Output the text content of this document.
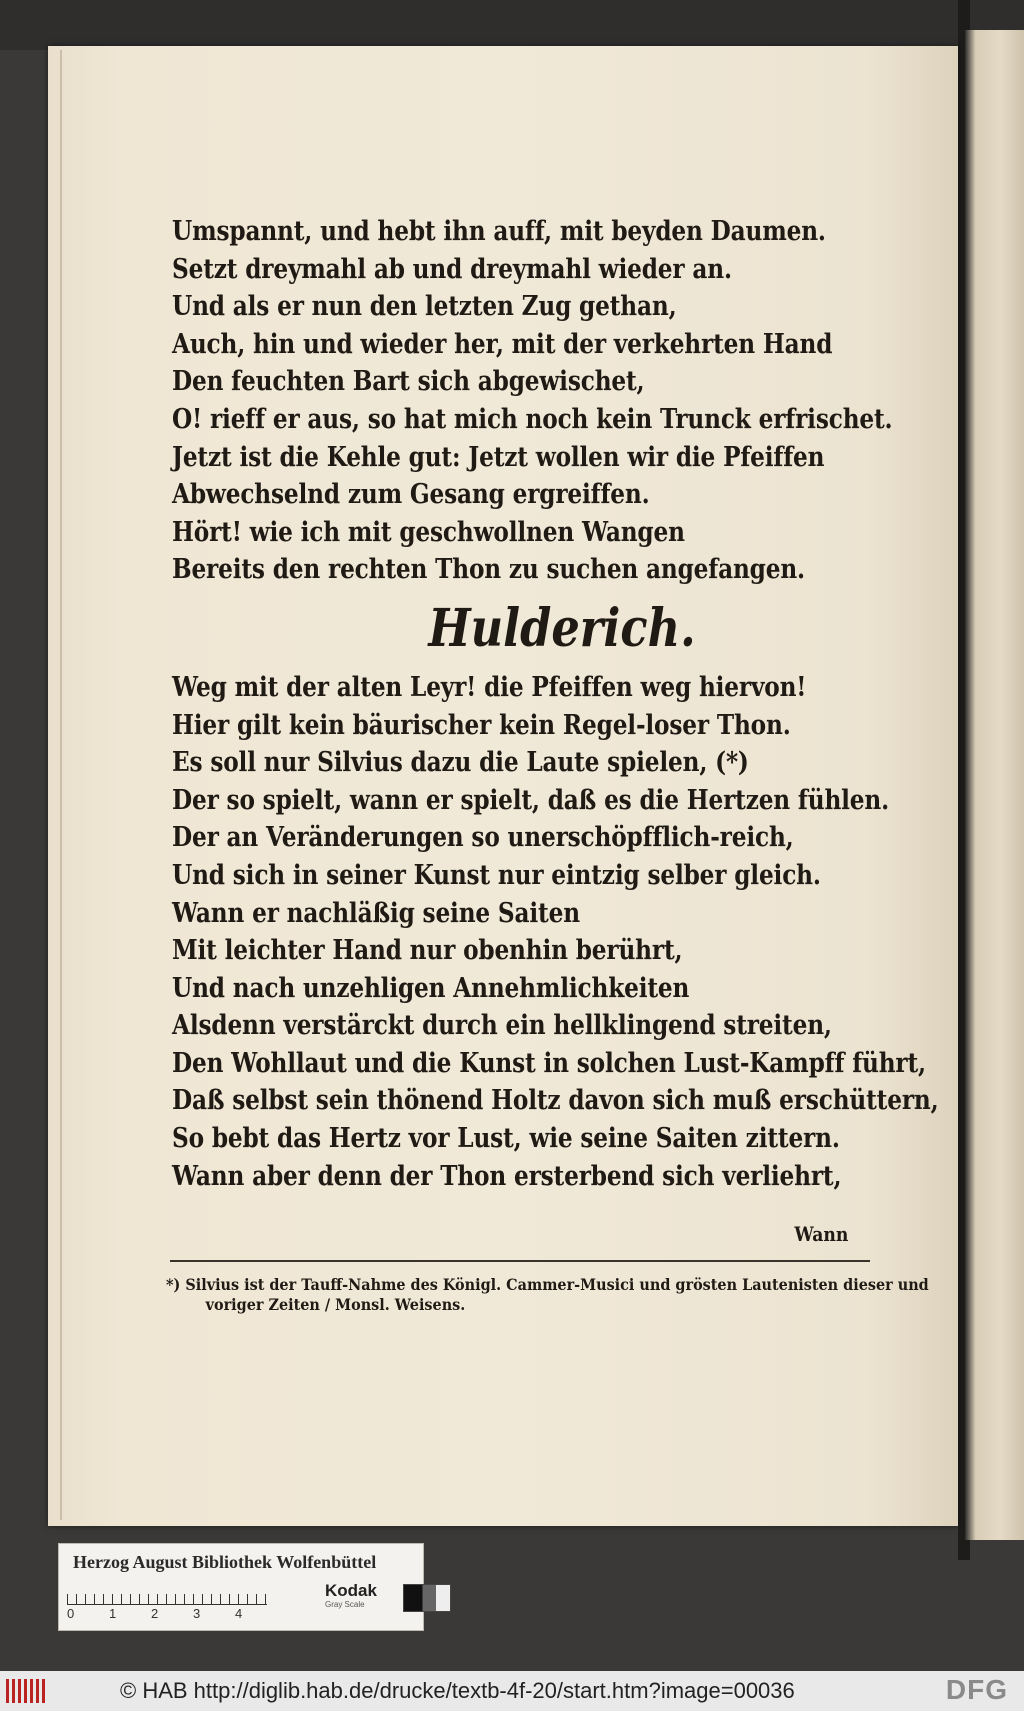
Umspannt, und hebt ihn auff, mit beyden Daumen.
Setzt dreymahl ab und dreymahl wieder an.
Und als er nun den letzten Zug gethan,
Auch, hin und wieder her, mit der verkehrten Hand
Den feuchten Bart sich abgewischet,
O! rieff er aus, so hat mich noch kein Trunck erfrischet.
Jetzt ist die Kehle gut: Jetzt wollen wir die Pfeiffen
Abwechselnd zum Gesang ergreiffen.
Hört! wie ich mit geschwollnen Wangen
Bereits den rechten Thon zu suchen angefangen.
Hulderich.
Weg mit der alten Leyr! die Pfeiffen weg hiervon!
Hier gilt kein bäurischer kein Regel-loser Thon.
Es soll nur Silvius dazu die Laute spielen, (*)
Der so spielt, wann er spielt, daß es die Hertzen fühlen.
Der an Veränderungen so unerschöpfflich-reich,
Und sich in seiner Kunst nur eintzig selber gleich.
Wann er nachläßig seine Saiten
Mit leichter Hand nur obenhin berührt,
Und nach unzehligen Annehmlichkeiten
Alsdenn verstärckt durch ein hellklingend streiten,
Den Wohllaut und die Kunst in solchen Lust-Kampff führt,
Daß selbst sein thönend Holtz davon sich muß erschüttern,
So bebt das Hertz vor Lust, wie seine Saiten zittern.
Wann aber denn der Thon ersterbend sich verliehrt,
Wann
*) Silvius ist der Tauff-Nahme des Königl. Cammer-Musici und grösten Lautenisten dieser und
voriger Zeiten / Monsl. Weisens.
Herzog August Bibliothek Wolfenbüttel
0	1	2	3	4
Kodak
Gray Scale
© HAB http://diglib.hab.de/drucke/textb-4f-20/start.htm?image=00036	DFG
